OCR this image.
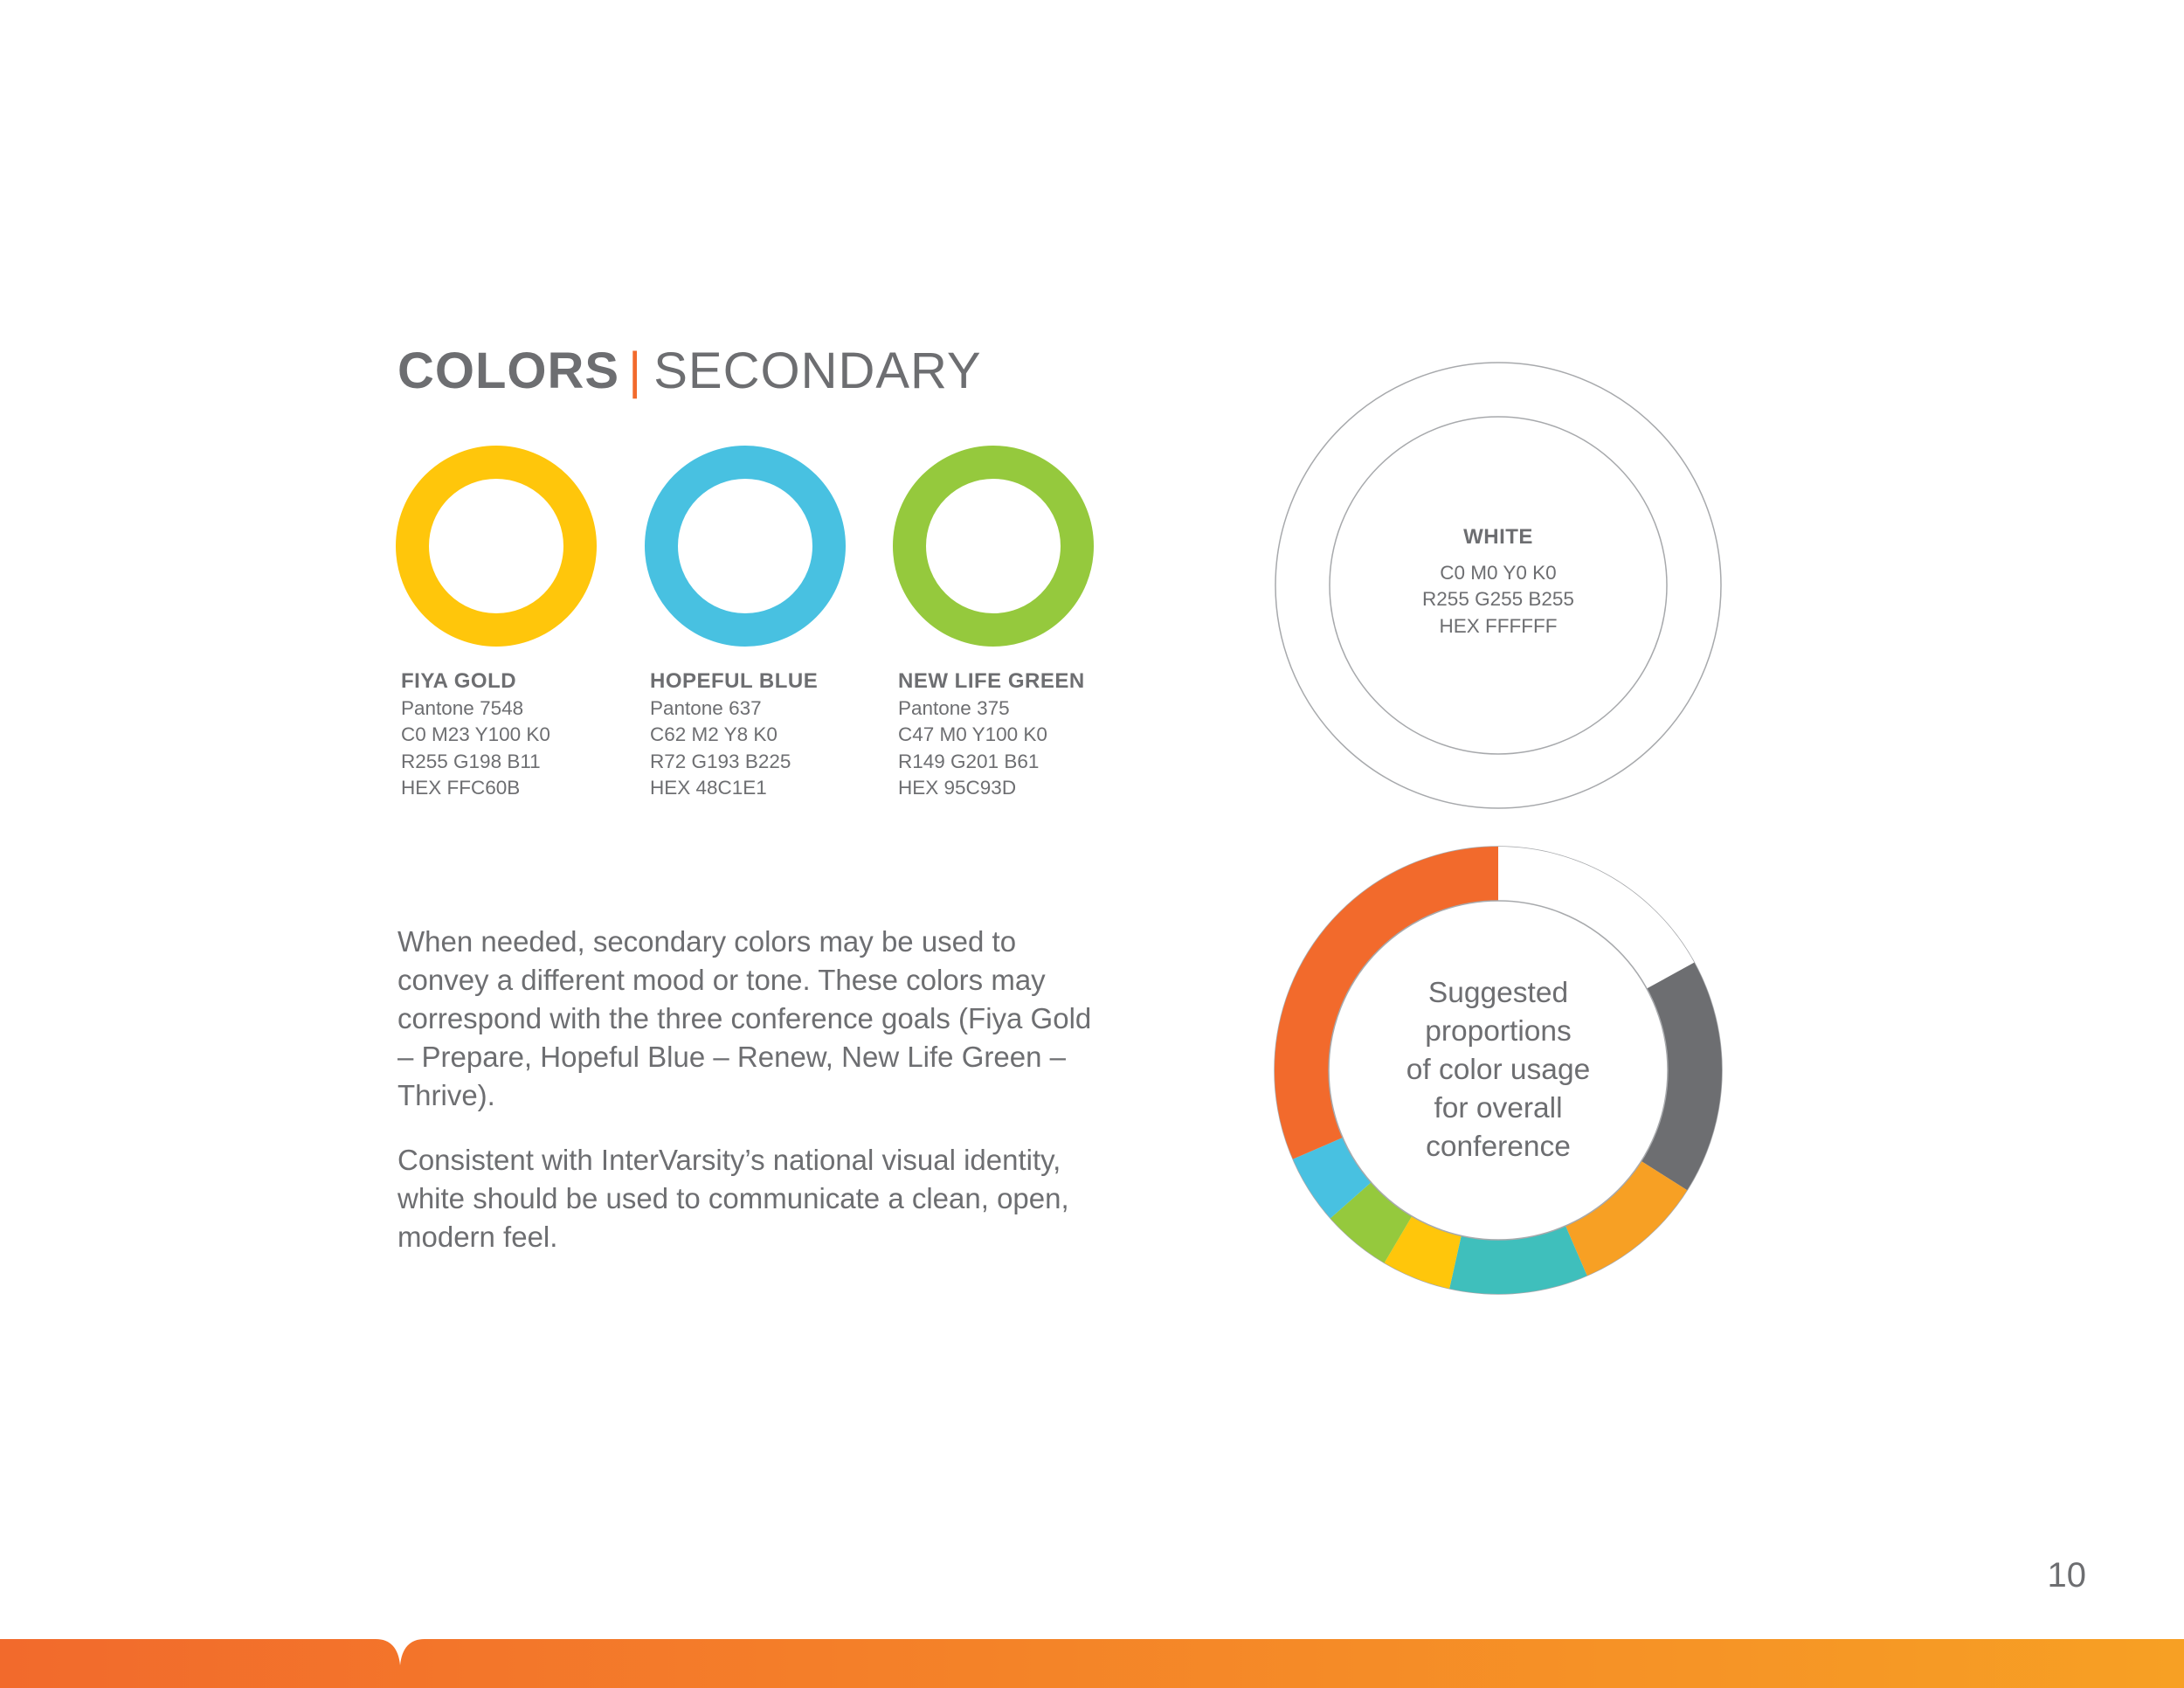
COLORS | SECONDARY
FIYA GOLD
Pantone 7548
C0 M23 Y100 K0
R255 G198 B11
HEX FFC60B
HOPEFUL BLUE
Pantone 637
C62 M2 Y8 K0
R72 G193 B225
HEX 48C1E1
NEW LIFE GREEN
Pantone 375
C47 M0 Y100 K0
R149 G201 B61
HEX 95C93D
WHITE
C0 M0 Y0 K0
R255 G255 B255
HEX FFFFFF

When needed, secondary colors may be used to convey a different mood or tone. These colors may correspond with the three conference goals (Fiya Gold – Prepare, Hopeful Blue – Renew, New Life Green – Thrive).

Consistent with InterVarsity’s national visual identity, white should be used to communicate a clean, open, modern feel.

Suggested
proportions
of color usage
for overall
conference
10
